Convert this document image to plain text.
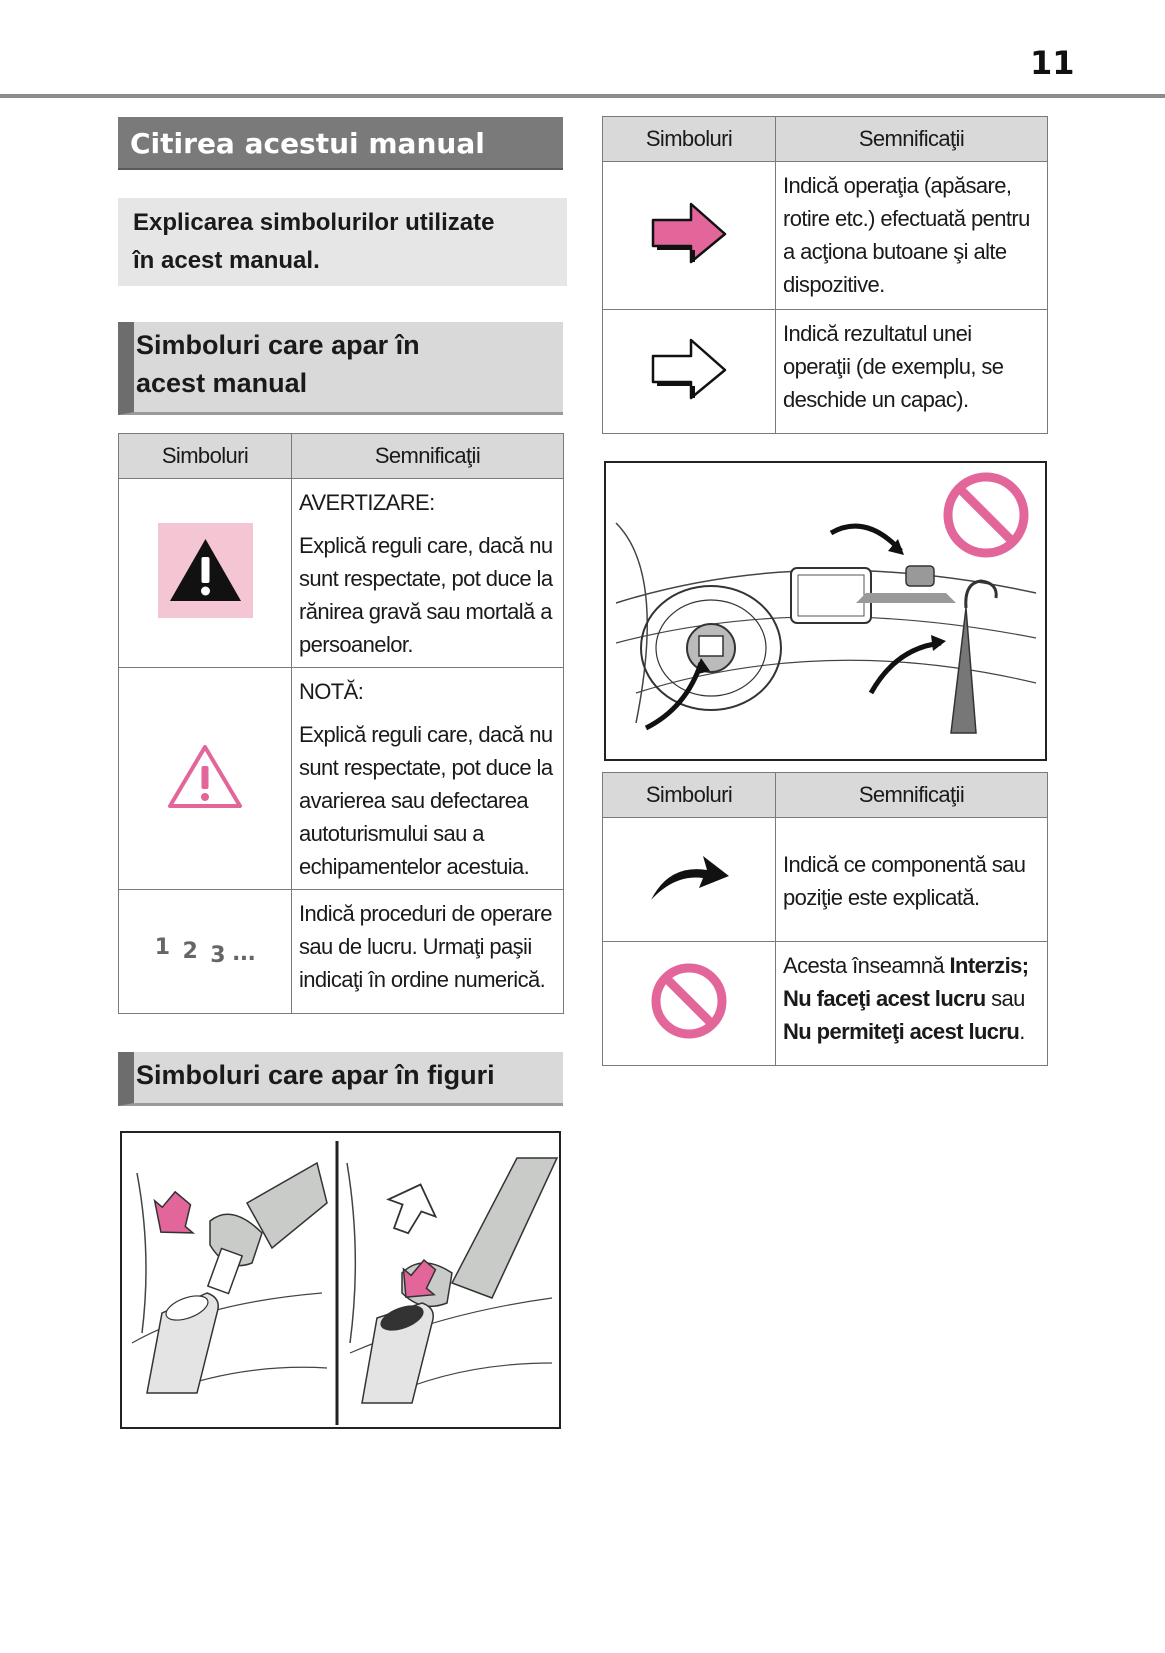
11
Citirea acestui manual
Explicarea simbolurilor utilizate
în acest manual.
Simboluri care apar în
acest manual
Simboluri	Semnificaţii

AVERTIZARE:
Explică reguli care, dacă nu sunt respectate, pot duce la rănirea gravă sau mortală a persoanelor.

NOTĂ:
Explică reguli care, dacă nu sunt respectate, pot duce la avarierea sau defectarea autoturismului sau a echipamentelor acestuia.

1 2 3 ...	Indică proceduri de operare sau de lucru. Urmaţi paşii indicaţi în ordine numerică.
Simboluri care apar în figuri
Simboluri	Semnificaţii

Indică operaţia (apăsare, rotire etc.) efectuată pentru a acţiona butoane şi alte dispozitive.

Indică rezultatul unei operaţii (de exemplu, se deschide un capac).
Simboluri	Semnificaţii

Indică ce componentă sau poziţie este explicată.

Acesta înseamnă Interzis; Nu faceţi acest lucru sau Nu permiteţi acest lucru.
